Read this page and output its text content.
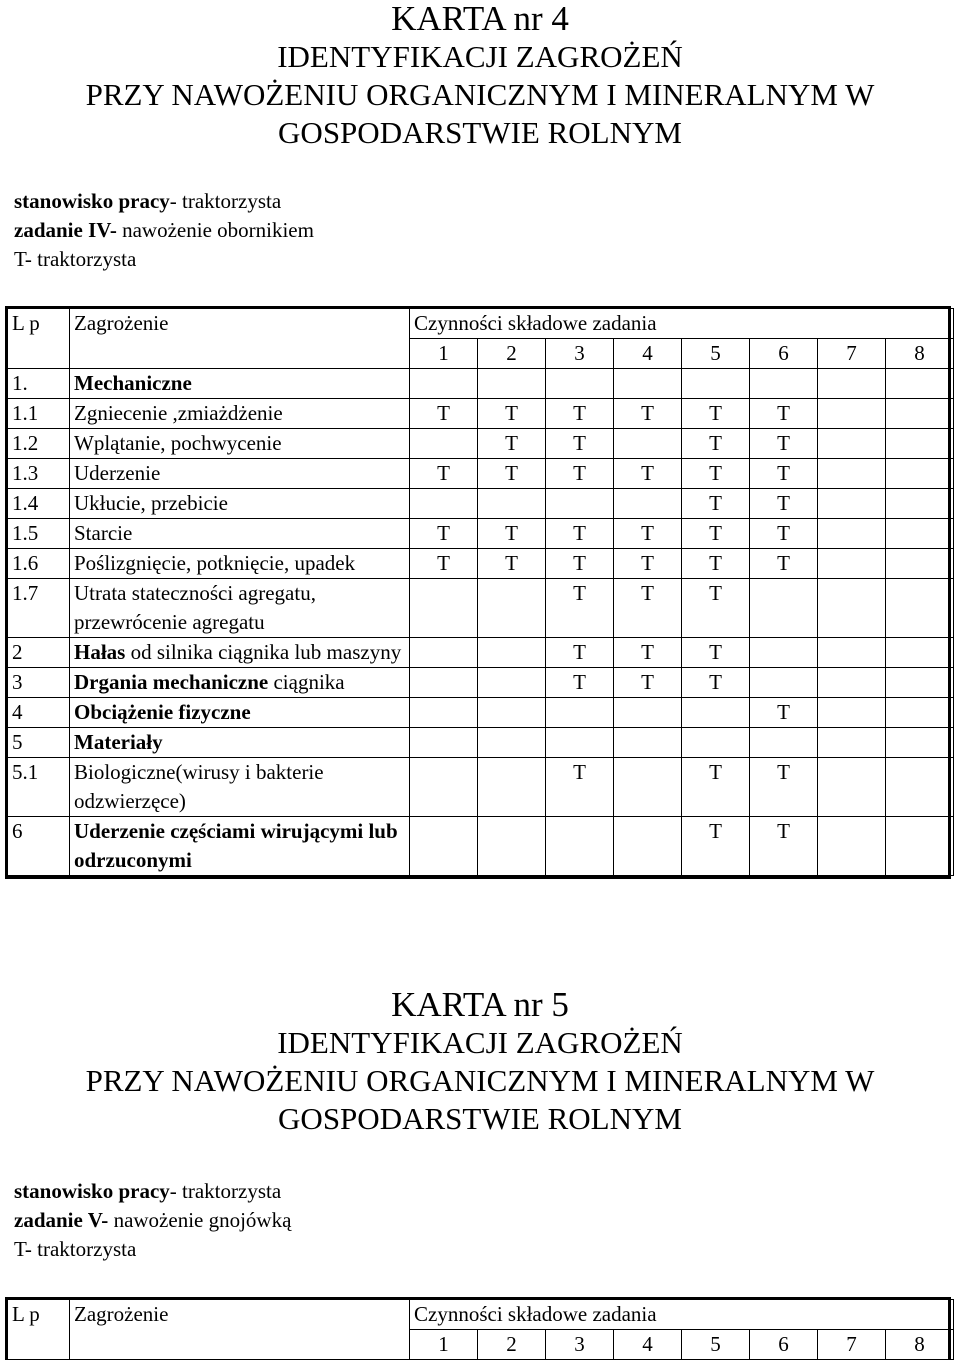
KARTA nr 4
IDENTYFIKACJI ZAGROŻEŃ
PRZY NAWOŻENIU ORGANICZNYM I MINERALNYM W
GOSPODARSTWIE ROLNYM
stanowisko pracy- traktorzysta
zadanie IV- nawożenie obornikiem
T- traktorzysta
L p	Zagrożenie	Czynności składowe zadania							
		1	2	3	4	5	6	7	8
1.	Mechaniczne								
1.1	Zgniecenie ,zmiażdżenie	T	T	T	T	T	T		
1.2	Wplątanie, pochwycenie		T	T		T	T		
1.3	Uderzenie	T	T	T	T	T	T		
1.4	Ukłucie, przebicie					T	T		
1.5	Starcie	T	T	T	T	T	T		
1.6	Poślizgnięcie, potknięcie, upadek	T	T	T	T	T	T		
1.7	Utrata stateczności agregatu, przewrócenie agregatu			T	T	T			
2	Hałas od silnika ciągnika lub maszyny			T	T	T			
3	Drgania mechaniczne ciągnika			T	T	T			
4	Obciążenie fizyczne						T		
5	Materiały								
5.1	Biologiczne(wirusy i bakterie odzwierzęce)			T		T	T		
6	Uderzenie częściami wirującymi lub odrzuconymi					T	T		
KARTA nr 5
IDENTYFIKACJI ZAGROŻEŃ
PRZY NAWOŻENIU ORGANICZNYM I MINERALNYM W
GOSPODARSTWIE ROLNYM
stanowisko pracy- traktorzysta
zadanie V- nawożenie gnojówką
T- traktorzysta
L p	Zagrożenie	Czynności składowe zadania							
		1	2	3	4	5	6	7	8
